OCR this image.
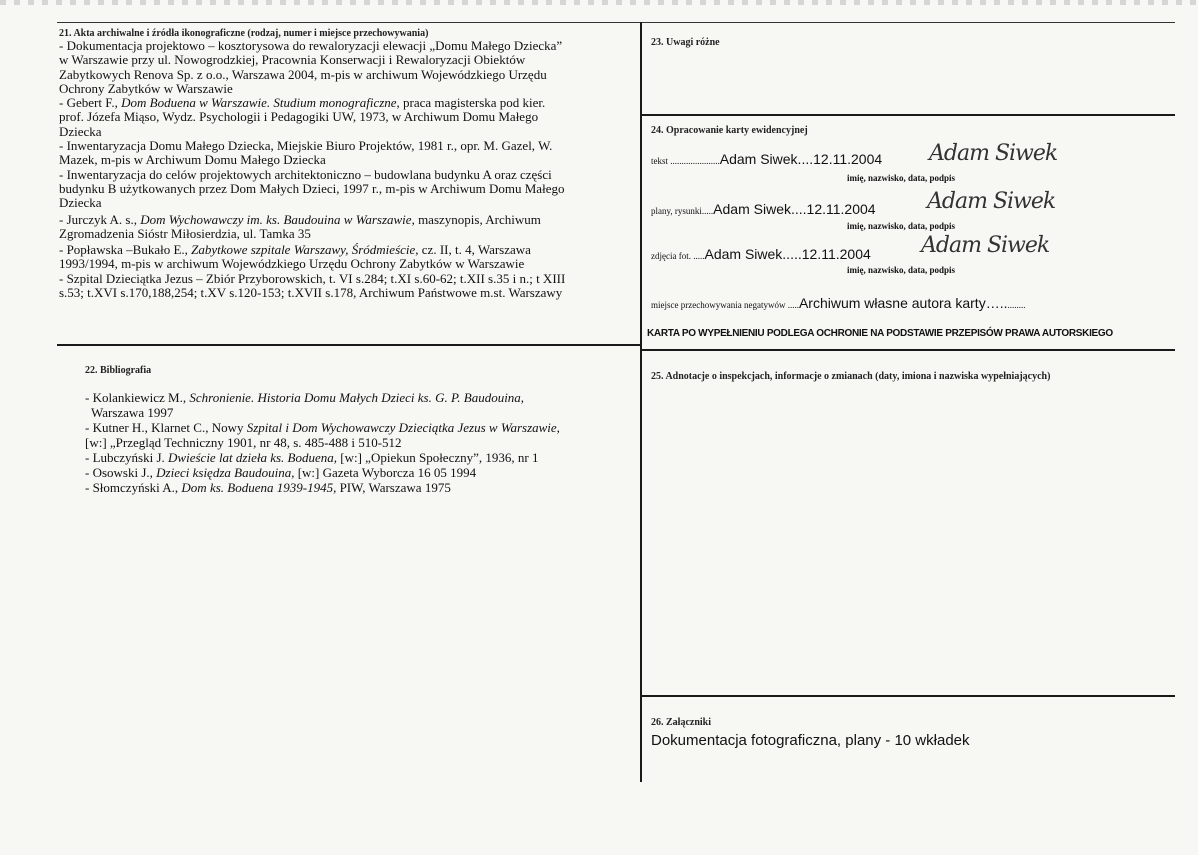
21. Akta archiwalne i źródła ikonograficzne (rodzaj, numer i miejsce przechowywania)

- Dokumentacja projektowo – kosztorysowa do rewaloryzacji elewacji „Domu Małego Dziecka”

w Warszawie przy ul. Nowogrodzkiej, Pracownia Konserwacji i Rewaloryzacji Obiektów

Zabytkowych Renova Sp. z o.o., Warszawa 2004, m-pis w archiwum Wojewódzkiego Urzędu

Ochrony Zabytków w Warszawie

- Gebert F., Dom Boduena w Warszawie. Studium monograficzne, praca magisterska pod kier.

prof. Józefa Miąso, Wydz. Psychologii i Pedagogiki UW, 1973, w Archiwum Domu Małego

Dziecka

- Inwentaryzacja Domu Małego Dziecka, Miejskie Biuro Projektów, 1981 r., opr. M. Gazel, W.

Mazek, m-pis w Archiwum Domu Małego Dziecka

- Inwentaryzacja do celów projektowych architektoniczno – budowlana budynku A oraz części

budynku B użytkowanych przez Dom Małych Dzieci, 1997 r., m-pis w Archiwum Domu Małego

Dziecka

- Jurczyk A. s., Dom Wychowawczy im. ks. Baudouina w Warszawie, maszynopis, Archiwum

Zgromadzenia Sióstr Miłosierdzia, ul. Tamka 35

- Popławska –Bukało E., Zabytkowe szpitale Warszawy, Śródmieście, cz. II, t. 4, Warszawa

1993/1994, m-pis w archiwum Wojewódzkiego Urzędu Ochrony Zabytków w Warszawie

- Szpital Dzieciątka Jezus – Zbiór Przyborowskich, t. VI s.284; t.XI s.60-62; t.XII s.35 i n.; t XIII

s.53; t.XVI s.170,188,254; t.XV s.120-153; t.XVII s.178, Archiwum Państwowe m.st. Warszawy

22. Bibliografia

- Kolankiewicz M., Schronienie. Historia Domu Małych Dzieci ks. G. P. Baudouina,

Warszawa 1997

- Kutner H., Klarnet C., Nowy Szpital i Dom Wychowawczy Dzieciątka Jezus w Warszawie,

[w:] „Przegląd Techniczny 1901, nr 48, s. 485-488 i 510-512

- Lubczyński J. Dwieście lat dzieła ks. Boduena, [w:] „Opiekun Społeczny”, 1936, nr 1

- Osowski J., Dzieci księdza Baudouina, [w:] Gazeta Wyborcza 16 05 1994

- Słomczyński A., Dom ks. Boduena 1939-1945, PIW, Warszawa 1975

23. Uwagi różne
24. Opracowanie karty ewidencyjnej
tekst ......................Adam Siwek....12.11.2004	Adam Siwek
imię, nazwisko, data, podpis
plany, rysunki.....Adam Siwek....12.11.2004	Adam Siwek
imię, nazwisko, data, podpis
zdjęcia fot. .....Adam Siwek.....12.11.2004	Adam Siwek
imię, nazwisko, data, podpis
miejsce przechowywania negatywów .....Archiwum własne autora karty…..........
KARTA PO WYPEŁNIENIU PODLEGA OCHRONIE NA PODSTAWIE PRZEPISÓW PRAWA AUTORSKIEGO
25. Adnotacje o inspekcjach, informacje o zmianach (daty, imiona i nazwiska wypełniających)
26. Załączniki
Dokumentacja fotograficzna, plany - 10 wkładek
